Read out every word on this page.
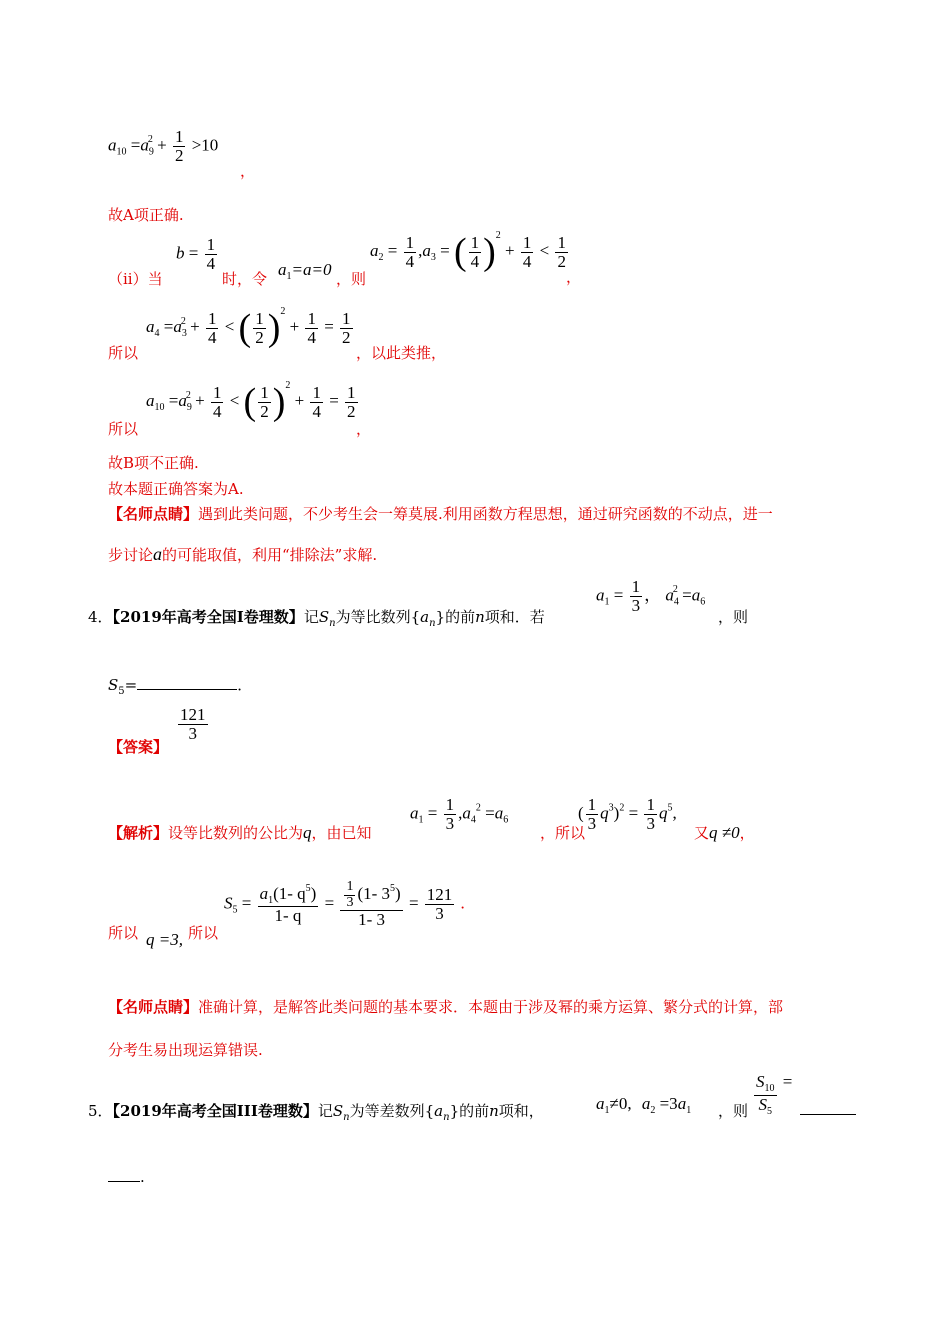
$a_{10} =a_9^2 + \frac{1}{2} >10$
，
故A项正确.
（ii）当
$b = \frac{1}{4}$
时，令 $a_1=a=0$ ，则
$a_2 = \frac{1}{4} ,a_3$ = ( $\frac{1}{4} )^2 + \frac{1}{4} < \frac{1}{2}$
，
所以
$a_4 =a_3^2 + \frac{1}{4}$ < ( $\frac{1}{2} )^2 + \frac{1}{4} = \frac{1}{2}$
，以此类推，
所以
$a_{10} =a_9^2 + \frac{1}{4}$ < ( $\frac{1}{2} )^2 + \frac{1}{4} = \frac{1}{2}$
，
故B项不正确.
故本题正确答案为A.
【名师点睛】遇到此类问题，不少考生会一筹莫展.利用函数方程思想，通过研究函数的不动点，进一
步讨论a的可能取值，利用“排除法”求解.
4．【2019年高考全国I卷理数】记$S_n$为等比数列$\{a_n\}$的前n项和．若
$a_1 = \frac{1}{3}$ ， $a_4^2 =a_6$
，则
$S_5=$	．
【答案】
$\frac{121}{3}$
【解析】设等比数列的公比为q，由已知
$a_1 = \frac{1}{3} ,a_4^2 =a_6$
，所以
( $\frac{1}{3} q^3)^2 = \frac{1}{3} q^5$,
又q ≠0，
所以 q =3, 所以
$S_5 = \frac{a_1(1- q^5)}{1- q} = \frac{\frac{1}{3} (1- 3^5)}{1- 3} = \frac{121}{3}$ .
【名师点睛】准确计算，是解答此类问题的基本要求．本题由于涉及幂的乘方运算、繁分式的计算，部
分考生易出现运算错误.
5．【2019年高考全国III卷理数】记$S_n$为等差数列$\{a_n\}$的前n项和，	$a_1\ne 0$, $a_2 =3a_1$ ，则 $\frac{S_{10}}{S_5}$ =
.
